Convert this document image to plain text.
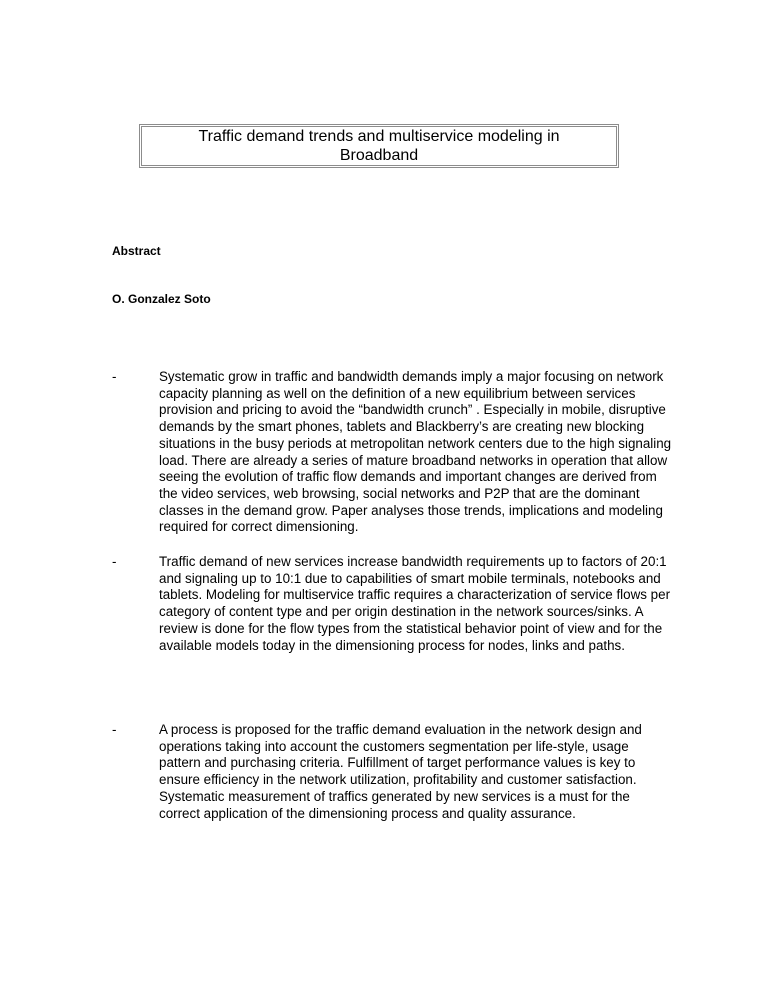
Traffic demand trends and multiservice modeling in Broadband

Abstract

O. Gonzalez Soto

-	Systematic grow in traffic and bandwidth demands imply a major focusing on network capacity planning as well on the definition of a new equilibrium between services provision and pricing to avoid the “bandwidth crunch” . Especially in mobile, disruptive demands by the smart phones, tablets and Blackberry’s are creating new blocking situations in the busy periods at metropolitan network centers due to the high signaling load. There are already a series of mature broadband networks in operation that allow seeing the evolution of traffic flow demands and important changes are derived from the video services, web browsing, social networks and P2P that are the dominant classes in the demand grow. Paper analyses those trends, implications and modeling required for correct dimensioning.
-	Traffic demand of new services increase bandwidth requirements up to factors of 20:1 and signaling up to 10:1 due to capabilities of smart mobile terminals, notebooks and tablets. Modeling for multiservice traffic requires a characterization of service flows per category of content type and per origin destination in the network sources/sinks. A review is done for the flow types from the statistical behavior point of view and for the available models today in the dimensioning process for nodes, links and paths.
-	A process is proposed for the traffic demand evaluation in the network design and operations taking into account the customers segmentation per life-style, usage pattern and purchasing criteria. Fulfillment of target performance values is key to ensure efficiency in the network utilization, profitability and customer satisfaction. Systematic measurement of traffics generated by new services is a must for the correct application of the dimensioning process and quality assurance.
